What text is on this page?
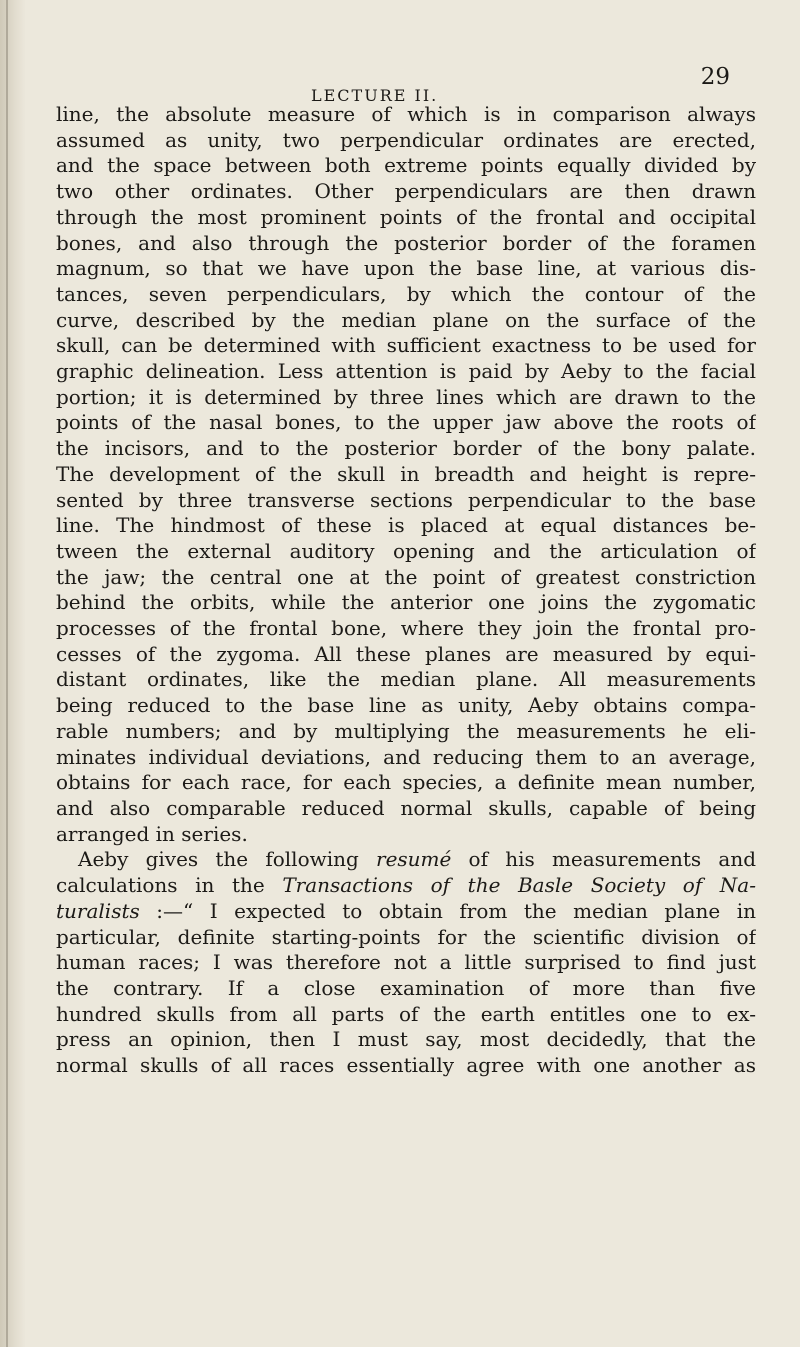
LECTURE II.
29

line, the absolute measure of which is in comparison always
assumed as unity, two perpendicular ordinates are erected,
and the space between both extreme points equally divided by
two other ordinates. Other perpendiculars are then drawn
through the most prominent points of the frontal and occipital
bones, and also through the posterior border of the foramen
magnum, so that we have upon the base line, at various dis-
tances, seven perpendiculars, by which the contour of the
curve, described by the median plane on the surface of the
skull, can be determined with sufficient exactness to be used for
graphic delineation. Less attention is paid by Aeby to the facial
portion; it is determined by three lines which are drawn to the
points of the nasal bones, to the upper jaw above the roots of
the incisors, and to the posterior border of the bony palate.
The development of the skull in breadth and height is repre-
sented by three transverse sections perpendicular to the base
line. The hindmost of these is placed at equal distances be-
tween the external auditory opening and the articulation of
the jaw; the central one at the point of greatest constriction
behind the orbits, while the anterior one joins the zygomatic
processes of the frontal bone, where they join the frontal pro-
cesses of the zygoma. All these planes are measured by equi-
distant ordinates, like the median plane. All measurements
being reduced to the base line as unity, Aeby obtains compa-
rable numbers; and by multiplying the measurements he eli-
minates individual deviations, and reducing them to an average,
obtains for each race, for each species, a definite mean number,
and also comparable reduced normal skulls, capable of being
arranged in series.

Aeby gives the following resumé of his measurements and
calculations in the Transactions of the Basle Society of Na-
turalists :—“ I expected to obtain from the median plane in
particular, definite starting-points for the scientific division of
human races; I was therefore not a little surprised to find just
the contrary. If a close examination of more than five
hundred skulls from all parts of the earth entitles one to ex-
press an opinion, then I must say, most decidedly, that the
normal skulls of all races essentially agree with one another as
